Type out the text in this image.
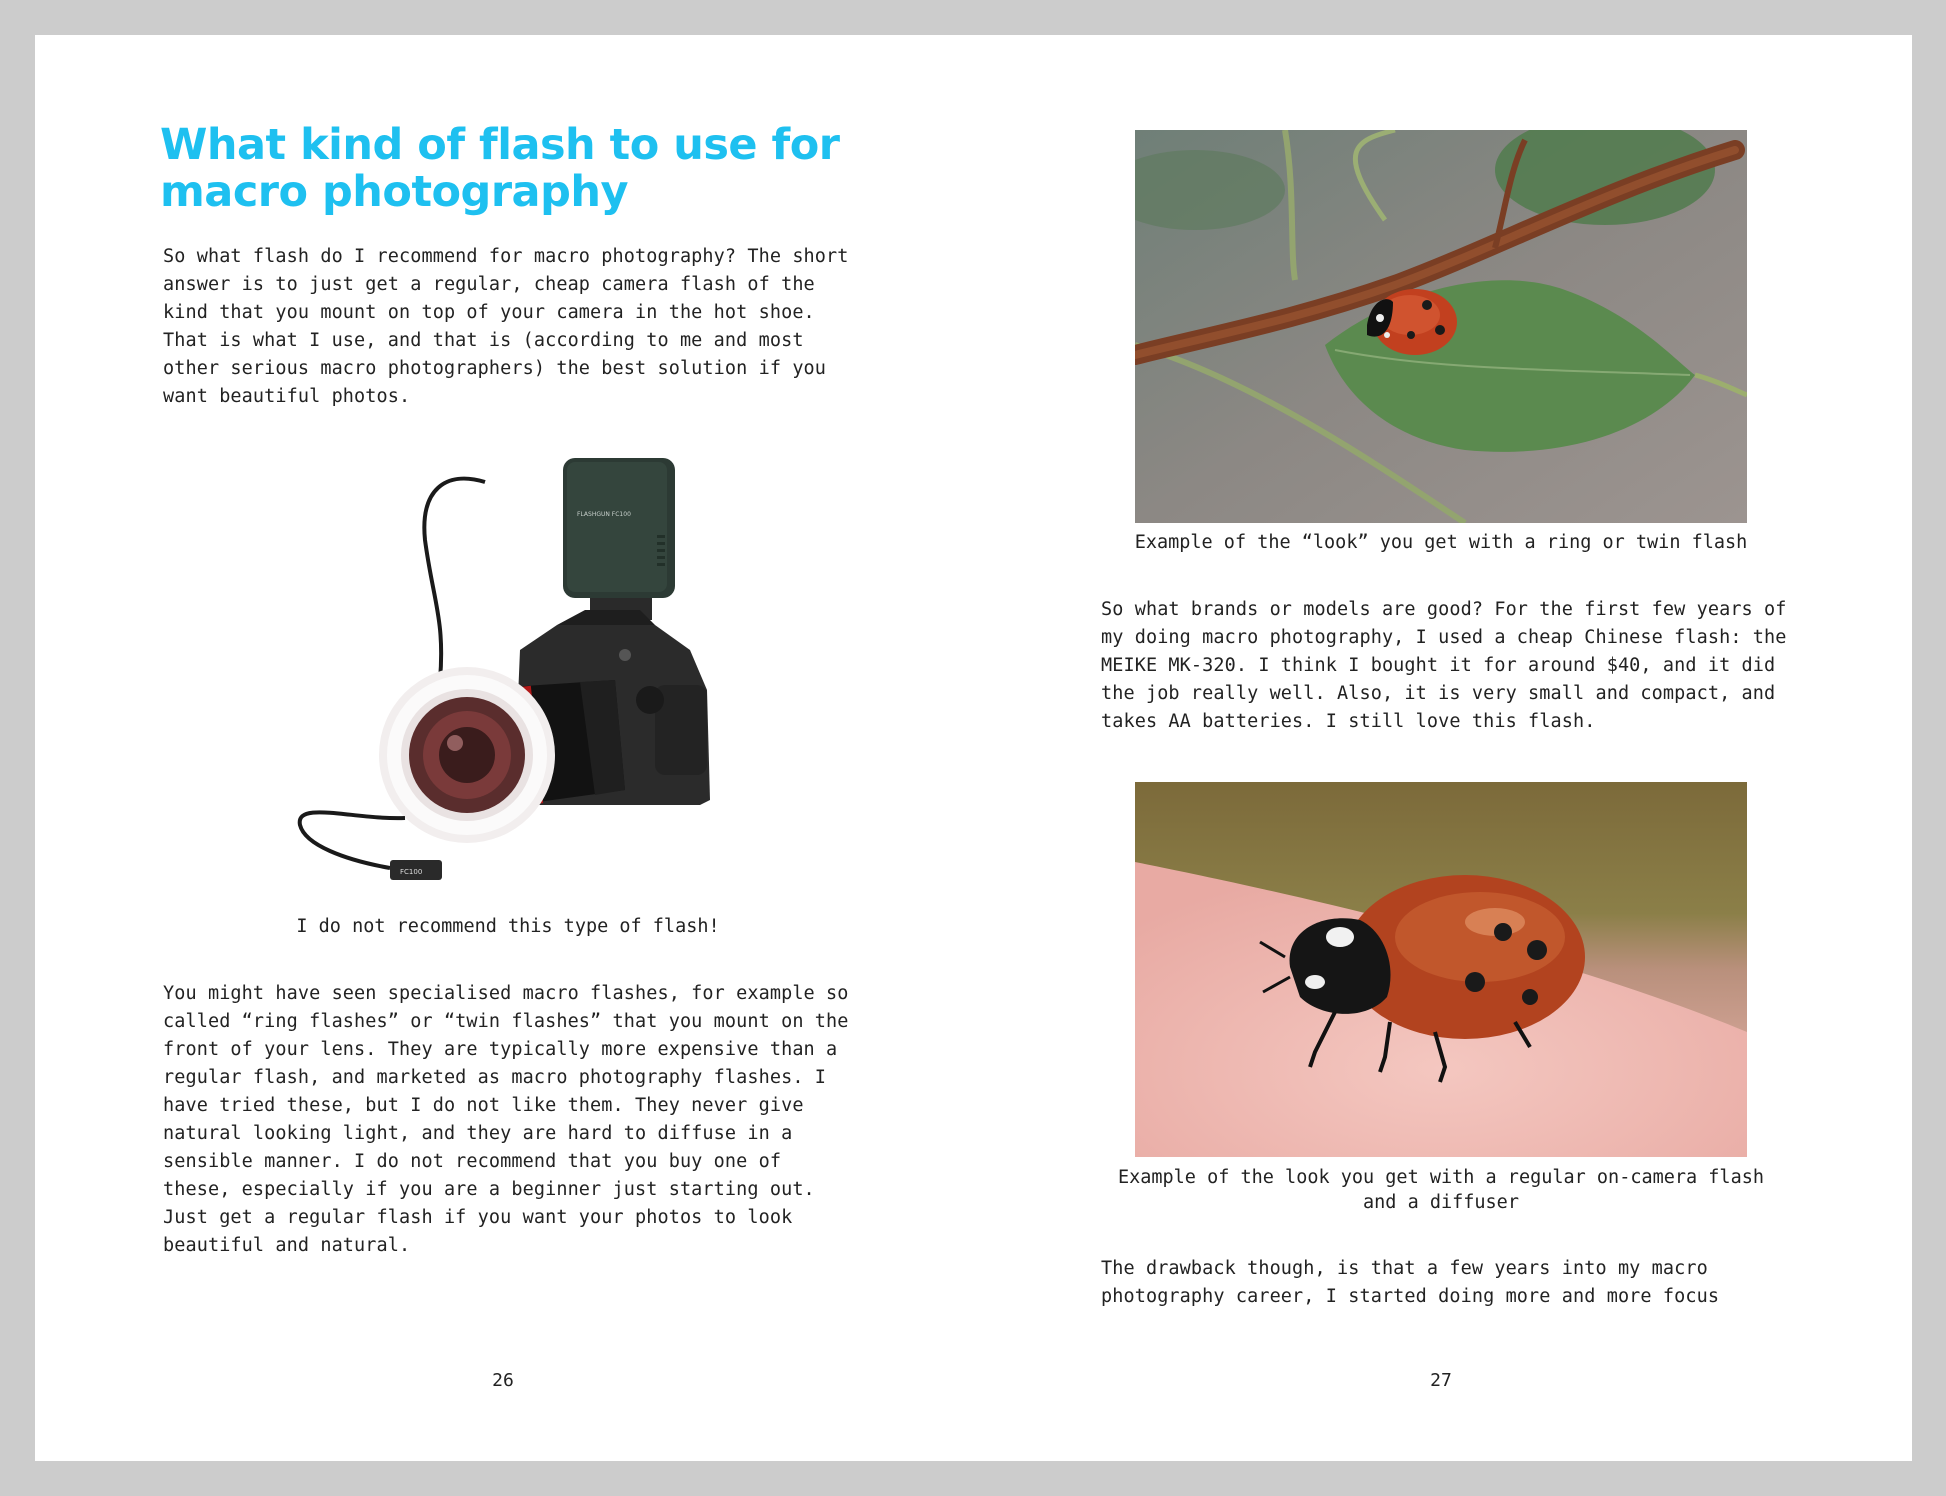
What kind of flash to use for macro photography

So what flash do I recommend for macro photography? The short answer is to just get a regular, cheap camera flash of the kind that you mount on top of your camera in the hot shoe. That is what I use, and that is (according to me and most other serious macro photographers) the best solution if you want beautiful photos.

FLASHGUN FC100
FC100

I do not recommend this type of flash!

You might have seen specialised macro flashes, for example so called “ring flashes” or “twin flashes” that you mount on the front of your lens. They are typically more expensive than a regular flash, and marketed as macro photography flashes. I have tried these, but I do not like them. They never give natural looking light, and they are hard to diffuse in a sensible manner. I do not recommend that you buy one of these, especially if you are a beginner just starting out. Just get a regular flash if you want your photos to look beautiful and natural.

26

Example of the “look” you get with a ring or twin flash

So what brands or models are good? For the first few years of my doing macro photography, I used a cheap Chinese flash: the MEIKE MK-320. I think I bought it for around $40, and it did the job really well. Also, it is very small and compact, and takes AA batteries. I still love this flash.

Example of the look you get with a regular on-camera flash and a diffuser

The drawback though, is that a few years into my macro photography career, I started doing more and more focus

27
